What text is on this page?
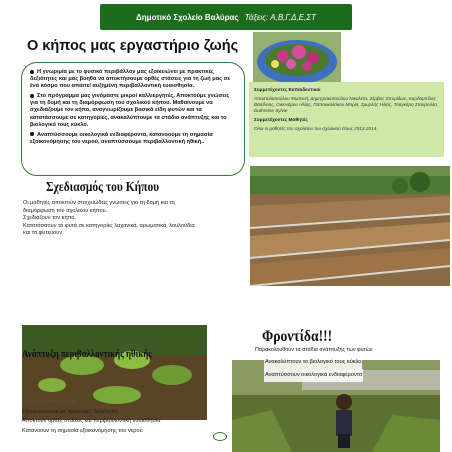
Δημοτικό Σχολείο Βαλύρας Τάξεις: Α,Β,Γ,Δ,Ε,ΣΤ
Ο κήπος μας εργαστήριο ζωής

Η γνωριμία με το φυσικό περιβάλλον μας εξοικειώνει με πρακτικές δεξιότητες και μας βοηθά να αποκτήσουμε ορθές στάσεις για τη ζωή μας σε ένα κόσμο που απαιτεί αυξημένη περιβαλλοντική ευαισθησία.

Στο πρόγραμμα μας γινόμαστε μικροί καλλιεργητές. Αποκτούμε γνώσεις για τη δομή και τη διαμόρφωση του σχολικού κήπου. Μαθαίνουμε να σχεδιάζουμε τον κήπο, αναγνωρίζουμε βασικά είδη φυτών και τα κατατάσσουμε σε κατηγορίες, ανακαλύπτουμε τα στάδια ανάπτυξης και το βιολογικό τους κύκλο.

Αναπτύσσουμε οικολογικά ενδιαφέροντα, κατανοούμε τη σημασία εξοικονόμησης του νερού, αναπτύσσουμε περιβαλλοντική ηθική..

Συμμετέχοντες Εκπαιδευτικοί
Αποστολοπούλου Φωτεινή, Δημητρακοπούλου Νικολέτα, Ζέρβας Σπυρίδων, Καρδαμπίλας Βασίλειος, Οικονόμου Ηλίας, Παπουκαλάκου Μαρία, Σμυρλής Ηλίας, Τσαγκάρη Σταυρούλα, Duthreine Sylvie
Συμμετέχοντες Μαθητές
Όλοι οι μαθητές του σχολείου του σχολικού έτους 2013-2014.
Σχεδιασμός του Κήπου
Οι μαθητές αποκτούν στοιχειώδεις γνώσεις για τη δομή και τη
διαμόρφωση του σχολικού κήπου.
Σχεδιάζουν τον κήπο.
Κατατάσσουν τα φυτά σε κατηγορίες λαχανικά, αρωματικά, λουλούδια
και τα φυτεύουν.
Ανάπτυξη περιβαλλοντικής ηθικής
περιβαλλοντική ηθική
Εξοικειώνονται με πρακτικές δεξιότητες
Αποκτούν ορθές στάσεις και περιβαλλοντική ευαισθησία
Κατανοούν τη σημασία εξοικονόμησης του νερού
Φροντίδα!!!
Παρακολουθούν τα στάδια ανάπτυξης των φυτών
Ανακαλύπτουν το βιολογικό τους κύκλο
Αναπτύσσουν οικολογικά ενδιαφέροντα
